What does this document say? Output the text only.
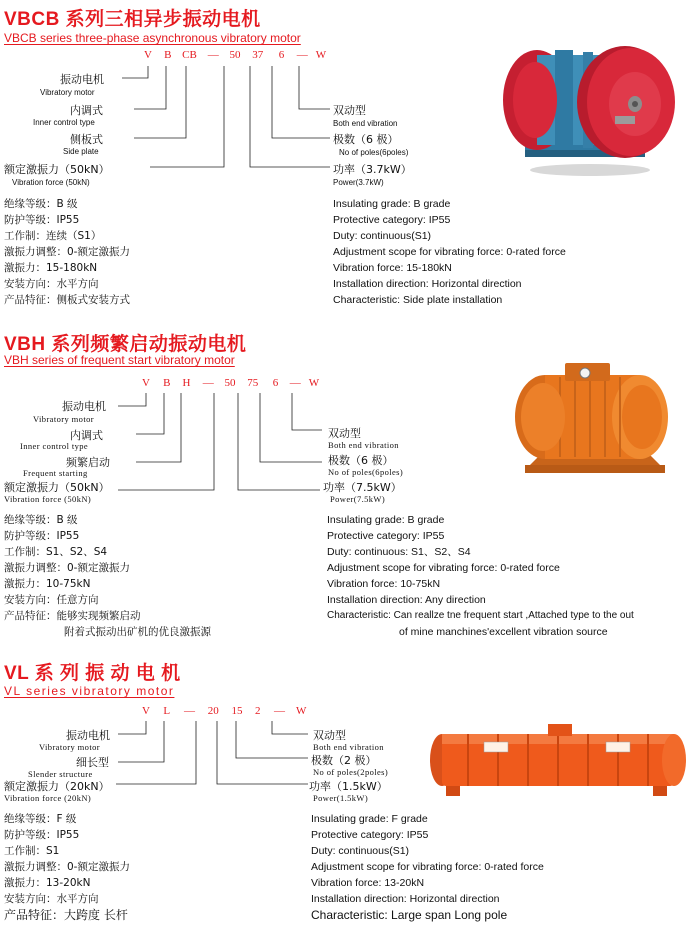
VBCB 系列三相异步振动电机
VBCB series three-phase asynchronous vibratory motor
V B CB — 50 37 6 — W
振动电机
Vibratory motor
内调式
Inner control type
侧板式
Side plate
额定激振力（50kN）
Vibration force (50kN)
双动型
Both end vibration
极数（6 极）
No of poles(6poles)
功率（3.7kW）
Power(3.7kW)
绝缘等级：B 级
防护等级：IP55
工作制：连续（S1）
激振力调整：0-额定激振力
激振力：15-180kN
安装方向：水平方向
产品特征：侧板式安装方式
Insulating grade: B grade
Protective category: IP55
Duty: continuous(S1)
Adjustment scope for vibrating force: 0-rated force
Vibration force: 15-180kN
Installation direction: Horizontal direction
Characteristic: Side plate installation
VBH 系列频繁启动振动电机
VBH series of frequent start vibratory motor
V B H — 50 75 6 — W
振动电机
Vibratory motor
内调式
Inner control type
频繁启动
Frequent starting
额定激振力（50kN）
Vibration force (50kN)
双动型
Both end vibration
极数（6 极）
No of poles(6poles)
功率（7.5kW）
Power(7.5kW)
绝缘等级：B 级
防护等级：IP55
工作制：S1、S2、S4
激振力调整：0-额定激振力
激振力：10-75kN
安装方向：任意方向
产品特征：能够实现频繁启动
附着式振动出矿机的优良激振源
Insulating grade: B grade
Protective category: IP55
Duty: continuous: S1、S2、S4
Adjustment scope for vibrating force: 0-rated force
Vibration force: 10-75kN
Installation direction: Any direction
Characteristic: Can reallze tne frequent start ,Attached type to the out
of mine manchines'excellent vibration source
VL 系 列 振 动 电 机
VL series vibratory motor
V L — 20 15 2 — W
振动电机
Vibratory motor
细长型
Slender structure
额定激振力（20kN）
Vibration force (20kN)
双动型
Both end vibration
极数（2 极）
No of poles(2poles)
功率（1.5kW）
Power(1.5kW)
绝缘等级：F 级
防护等级：IP55
工作制：S1
激振力调整：0-额定激振力
激振力：13-20kN
安装方向：水平方向
产品特征：大跨度 长杆
Insulating grade: F grade
Protective category: IP55
Duty: continuous(S1)
Adjustment scope for vibrating force: 0-rated force
Vibration force: 13-20kN
Installation direction: Horizontal direction
Characteristic: Large span Long pole
